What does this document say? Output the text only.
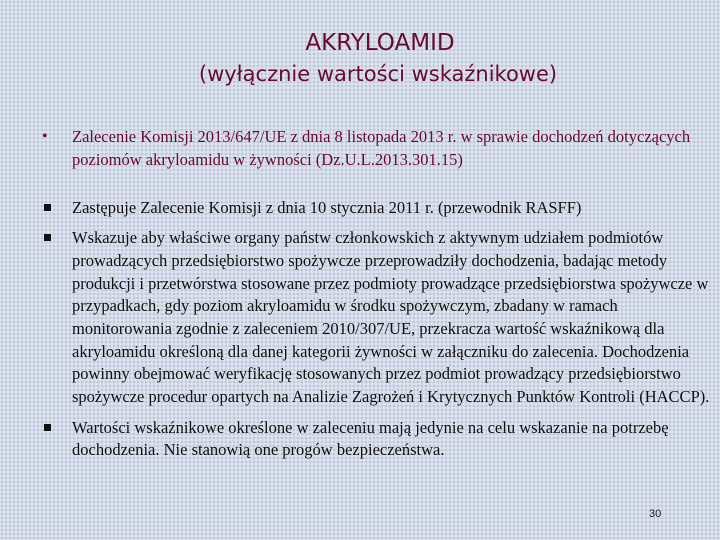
AKRYLOAMID
(wyłącznie wartości wskaźnikowe)
•	Zalecenie Komisji 2013/647/UE z dnia 8 listopada 2013 r. w sprawie dochodzeń dotyczących poziomów akryloamidu w żywności (Dz.U.L.2013.301.15)
Zastępuje Zalecenie Komisji z dnia 10 stycznia 2011 r. (przewodnik RASFF)
Wskazuje aby właściwe organy państw członkowskich z aktywnym udziałem podmiotów prowadzących przedsiębiorstwo spożywcze przeprowadziły dochodzenia, badając metody produkcji i przetwórstwa stosowane przez podmioty prowadzące przedsiębiorstwa spożywcze w przypadkach, gdy poziom akryloamidu w środku spożywczym, zbadany w ramach monitorowania zgodnie z zaleceniem 2010/307/UE, przekracza wartość wskaźnikową dla akryloamidu określoną dla danej kategorii żywności w załączniku do zalecenia. Dochodzenia powinny obejmować weryfikację stosowanych przez podmiot prowadzący przedsiębiorstwo spożywcze procedur opartych na Analizie Zagrożeń i Krytycznych Punktów Kontroli (HACCP).
Wartości wskaźnikowe określone w zaleceniu mają jedynie na celu wskazanie na potrzebę dochodzenia. Nie stanowią one progów bezpieczeństwa.
30
